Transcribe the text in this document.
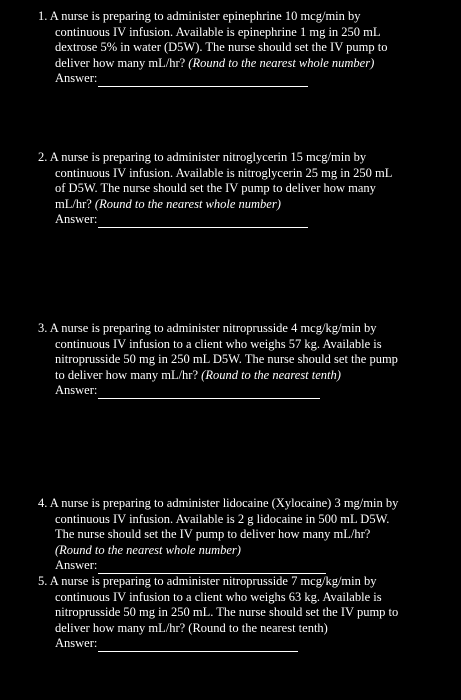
1. A nurse is preparing to administer epinephrine 10 mcg/min by
continuous IV infusion. Available is epinephrine 1 mg in 250 mL
dextrose 5% in water (D5W). The nurse should set the IV pump to
deliver how many mL/hr? (Round to the nearest whole number)
Answer:
2. A nurse is preparing to administer nitroglycerin 15 mcg/min by
continuous IV infusion. Available is nitroglycerin 25 mg in 250 mL
of D5W. The nurse should set the IV pump to deliver how many
mL/hr? (Round to the nearest whole number)
Answer:
3. A nurse is preparing to administer nitroprusside 4 mcg/kg/min by
continuous IV infusion to a client who weighs 57 kg. Available is
nitroprusside 50 mg in 250 mL D5W. The nurse should set the pump
to deliver how many mL/hr? (Round to the nearest tenth)
Answer:
4. A nurse is preparing to administer lidocaine (Xylocaine) 3 mg/min by
continuous IV infusion. Available is 2 g lidocaine in 500 mL D5W.
The nurse should set the IV pump to deliver how many mL/hr?
(Round to the nearest whole number)
Answer:
5. A nurse is preparing to administer nitroprusside 7 mcg/kg/min by
continuous IV infusion to a client who weighs 63 kg. Available is
nitroprusside 50 mg in 250 mL. The nurse should set the IV pump to
deliver how many mL/hr? (Round to the nearest tenth)
Answer:
